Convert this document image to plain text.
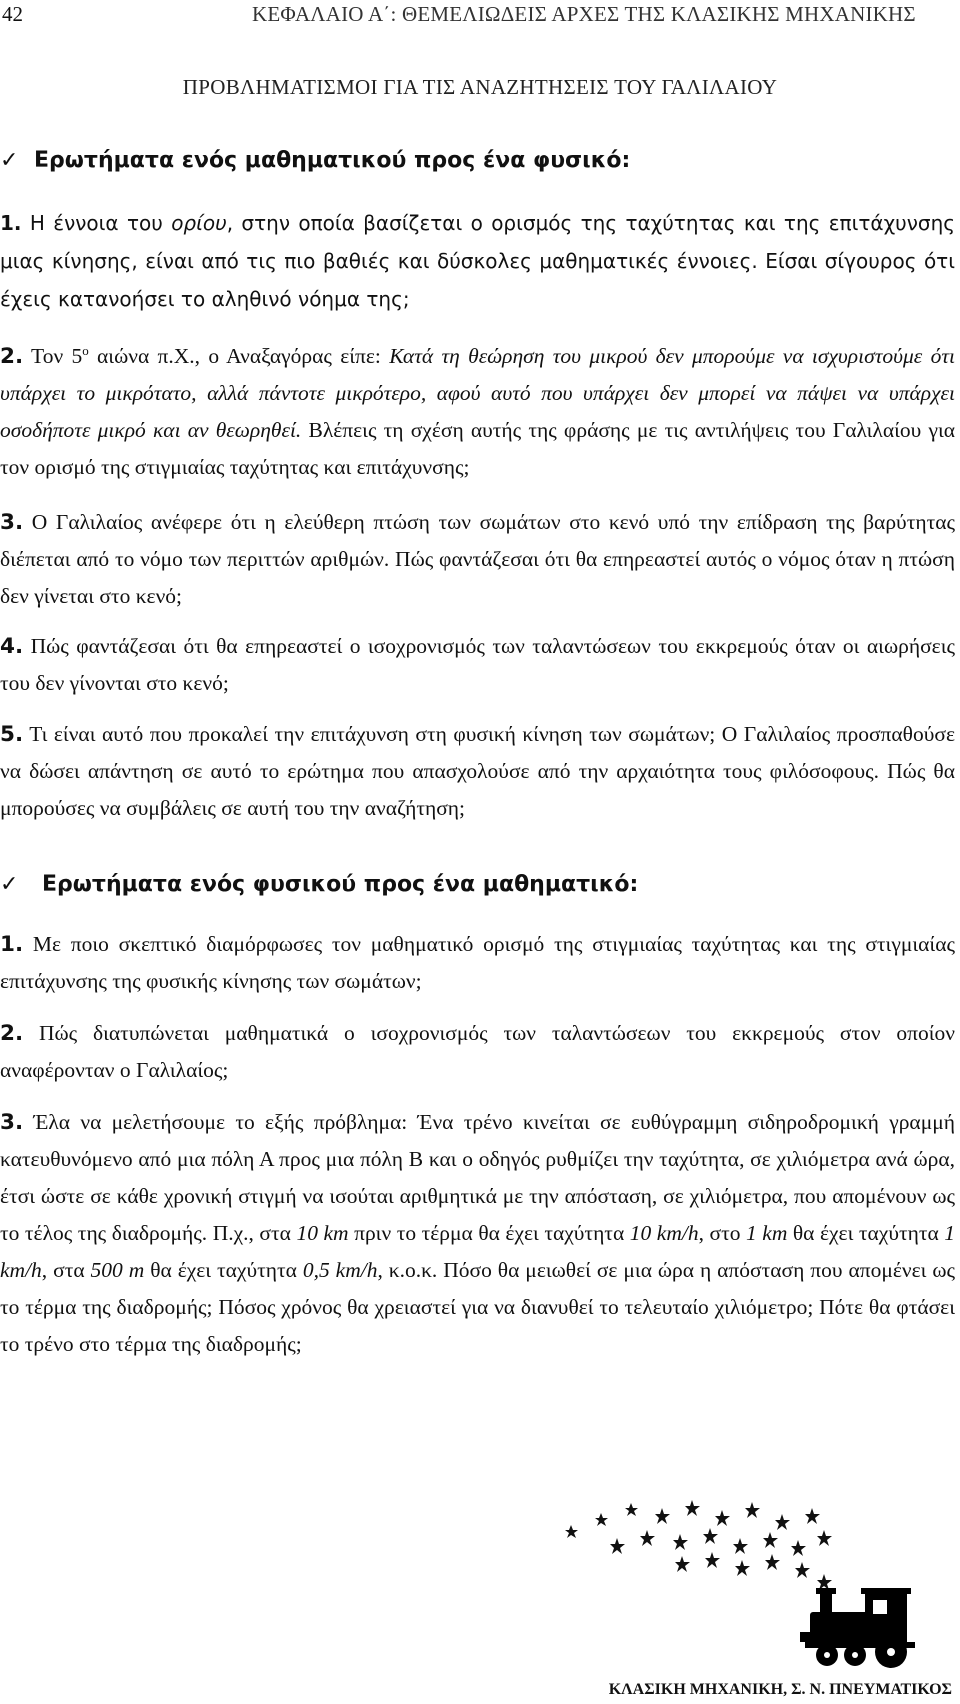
42	ΚΕΦΑΛΑΙΟ Α΄: ΘΕΜΕΛΙΩΔΕΙΣ ΑΡΧΕΣ ΤΗΣ ΚΛΑΣΙΚΗΣ ΜΗΧΑΝΙΚΗΣ
ΠΡΟΒΛΗΜΑΤΙΣΜΟΙ ΓΙΑ ΤΙΣ ΑΝΑΖΗΤΗΣΕΙΣ ΤΟΥ ΓΑΛΙΛΑΙΟΥ
✓ Ερωτήματα ενός μαθηματικού προς ένα φυσικό:
1. Η έννοια του ορίου, στην οποία βασίζεται ο ορισμός της ταχύτητας και της επιτάχυνσης μιας κίνησης, είναι από τις πιο βαθιές και δύσκολες μαθηματικές έννοιες. Είσαι σίγουρος ότι έχεις κατανοήσει το αληθινό νόημα της;
2. Τον $5^o$ αιώνα π.Χ., ο Αναξαγόρας είπε: Κατά τη θεώρηση του μικρού δεν μπορούμε να ισχυριστούμε ότι υπάρχει το μικρότατο, αλλά πάντοτε μικρότερο, αφού αυτό που υπάρχει δεν μπορεί να πάψει να υπάρχει οσοδήποτε μικρό και αν θεωρηθεί. Βλέπεις τη σχέση αυτής της φράσης με τις αντιλήψεις του Γαλιλαίου για τον ορισμό της στιγμιαίας ταχύτητας και επιτάχυνσης;
3. Ο Γαλιλαίος ανέφερε ότι η ελεύθερη πτώση των σωμάτων στο κενό υπό την επίδραση της βαρύτητας διέπεται από το νόμο των περιττών αριθμών. Πώς φαντάζεσαι ότι θα επηρεαστεί αυτός ο νόμος όταν η πτώση δεν γίνεται στο κενό;
4. Πώς φαντάζεσαι ότι θα επηρεαστεί ο ισοχρονισμός των ταλαντώσεων του εκκρεμούς όταν οι αιωρήσεις του δεν γίνονται στο κενό;
5. Τι είναι αυτό που προκαλεί την επιτάχυνση στη φυσική κίνηση των σωμάτων; Ο Γαλιλαίος προσπαθούσε να δώσει απάντηση σε αυτό το ερώτημα που απασχολούσε από την αρχαιότητα τους φιλόσοφους. Πώς θα μπορούσες να συμβάλεις σε αυτή του την αναζήτηση;
✓ Ερωτήματα ενός φυσικού προς ένα μαθηματικό:
1. Με ποιο σκεπτικό διαμόρφωσες τον μαθηματικό ορισμό της στιγμιαίας ταχύτητας και της στιγμιαίας επιτάχυνσης της φυσικής κίνησης των σωμάτων;
2. Πώς διατυπώνεται μαθηματικά ο ισοχρονισμός των ταλαντώσεων του εκκρεμούς στον οποίον αναφέρονταν ο Γαλιλαίος;
3. Έλα να μελετήσουμε το εξής πρόβλημα: Ένα τρένο κινείται σε ευθύγραμμη σιδηροδρομική γραμμή κατευθυνόμενο από μια πόλη Α προς μια πόλη Β και ο οδηγός ρυθμίζει την ταχύτητα, σε χιλιόμετρα ανά ώρα, έτσι ώστε σε κάθε χρονική στιγμή να ισούται αριθμητικά με την απόσταση, σε χιλιόμετρα, που απομένουν ως το τέλος της διαδρομής. Π.χ., στα 10 km πριν το τέρμα θα έχει ταχύτητα 10 km/h, στο 1 km θα έχει ταχύτητα 1 km/h, στα 500 m θα έχει ταχύτητα 0,5 km/h, κ.ο.κ. Πόσο θα μειωθεί σε μια ώρα η απόσταση που απομένει ως το τέρμα της διαδρομής; Πόσος χρόνος θα χρειαστεί για να διανυθεί το τελευταίο χιλιόμετρο; Πότε θα φτάσει το τρένο στο τέρμα της διαδρομής;
ΚΛΑΣΙΚΗ ΜΗΧΑΝΙΚΗ, Σ. Ν. ΠΝΕΥΜΑΤΙΚΟΣ
